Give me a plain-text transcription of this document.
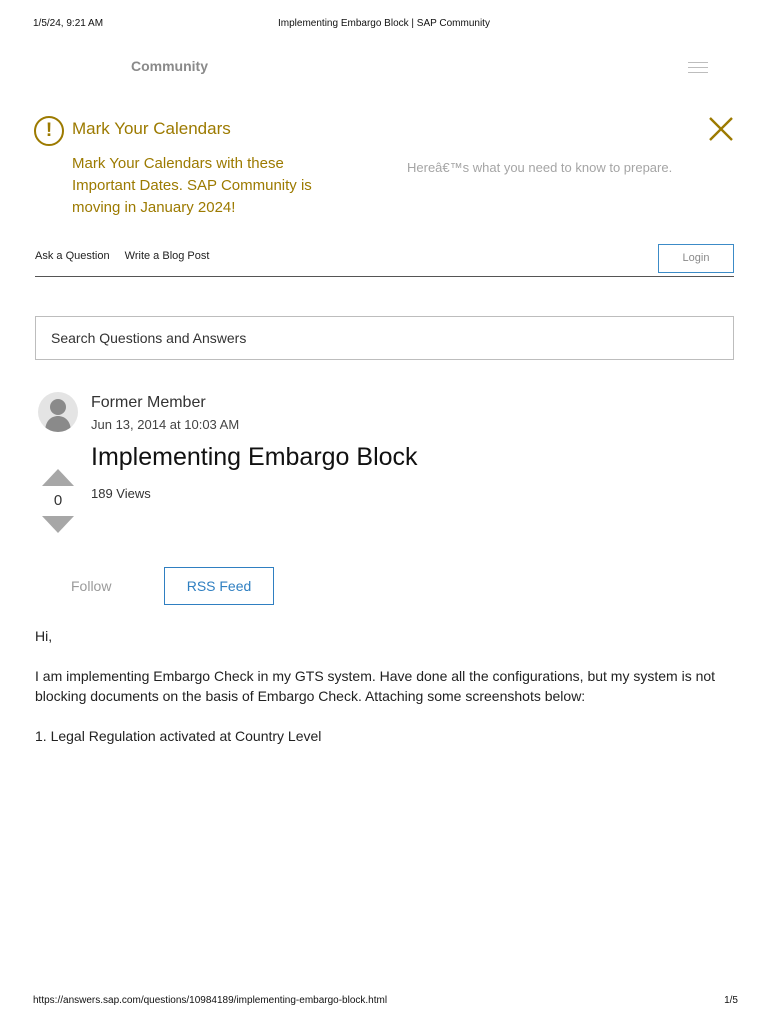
1/5/24, 9:21 AM	Implementing Embargo Block | SAP Community
Community
!	Mark Your Calendars
Mark Your Calendars with these Important Dates. SAP Community is moving in January 2024!
Hereâ€™s what you need to know to prepare.
Ask a Question Write a Blog Post	Login
Search Questions and Answers
Former Member
Jun 13, 2014 at 10:03 AM
Implementing Embargo Block
189 Views
0
Follow	RSS Feed

Hi,

I am implementing Embargo Check in my GTS system. Have done all the configurations, but my system is not blocking documents on the basis of Embargo Check. Attaching some screenshots below:

1. Legal Regulation activated at Country Level

https://answers.sap.com/questions/10984189/implementing-embargo-block.html	1/5
